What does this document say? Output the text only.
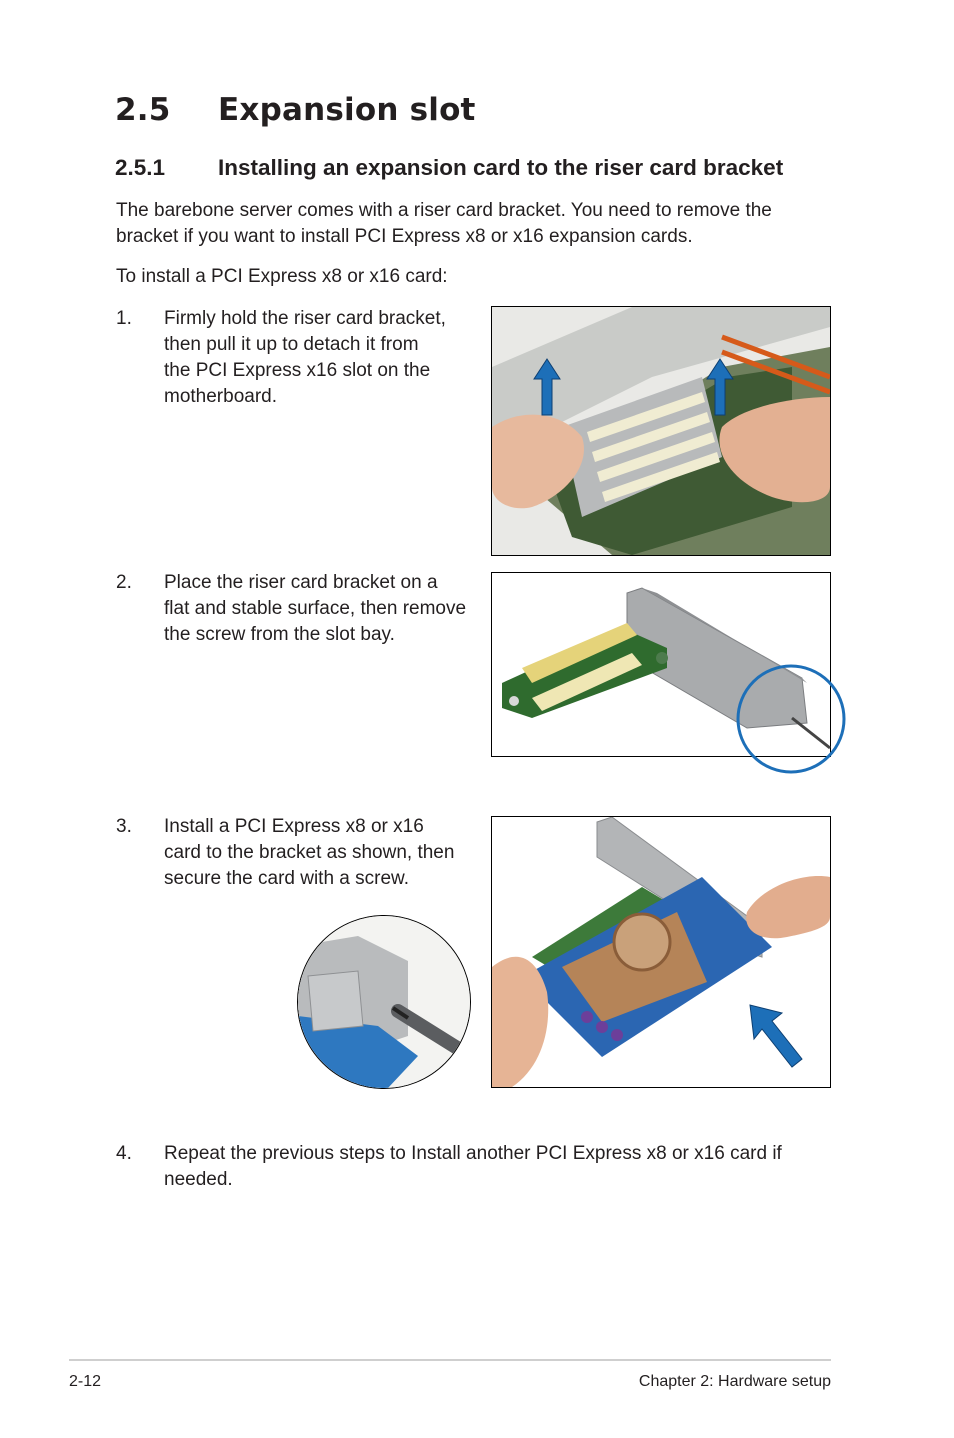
2.5 Expansion slot
2.5.1 Installing an expansion card to the riser card bracket
The barebone server comes with a riser card bracket. You need to remove the
bracket if you want to install PCI Express x8 or x16 expansion cards.
To install a PCI Express x8 or x16 card:
1. Firmly hold the riser card bracket,
then pull it up to detach it from
the PCI Express x16 slot on the
motherboard.
2. Place the riser card bracket on a
flat and stable surface, then remove
the screw from the slot bay.
3. Install a PCI Express x8 or x16
card to the bracket as shown, then
secure the card with a screw.
4. Repeat the previous steps to Install another PCI Express x8 or x16 card if
needed.
2-12	Chapter 2: Hardware setup
